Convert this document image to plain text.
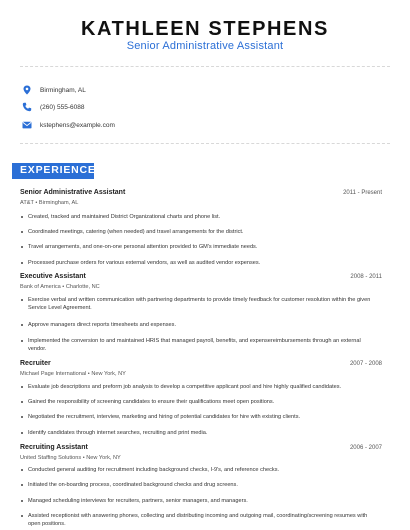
KATHLEEN STEPHENS
Senior Administrative Assistant
Birmingham, AL
(260) 555-6088
kstephens@example.com
EXPERIENCE
Senior Administrative Assistant	2011 - Present
AT&T • Birmingham, AL
Created, tracked and maintained District Organizational charts and phone list.
Coordinated meetings, catering (when needed) and travel arrangements for the district.
Travel arrangements, and one-on-one personal attention provided to GM's immediate needs.
Processed purchase orders for various external vendors, as well as audited vendor expenses.
Executive Assistant	2008 - 2011
Bank of America • Charlotte, NC
Exercise verbal and written communication with partnering departments to provide timely feedback for customer resolution within the given Service Level Agreement.
Approve managers direct reports timesheets and expenses.
Implemented the conversion to and maintained HRIS that managed payroll, benefits, and expensereimbursements through an external vendor.
Recruiter	2007 - 2008
Michael Page International • New York, NY
Evaluate job descriptions and preform job analysis to develop a competitive applicant pool and hire highly qualified candidates.
Gained the responsibility of screening candidates to ensure their qualifications meet open positions.
Negotiated the recruitment, interview, marketing and hiring of potential candidates for hire with existing clients.
Identify candidates through internet searches, recruiting and print media.
Recruiting Assistant	2006 - 2007
United Staffing Solutions • New York, NY
Conducted general auditing for recruitment including background checks, I-9's, and reference checks.
Initiated the on-boarding process, coordinated background checks and drug screens.
Managed scheduling interviews for recruiters, partners, senior managers, and managers.
Assisted receptionist with answering phones, collecting and distributing incoming and outgoing mail, coordinating/screening resumes with open positions.
